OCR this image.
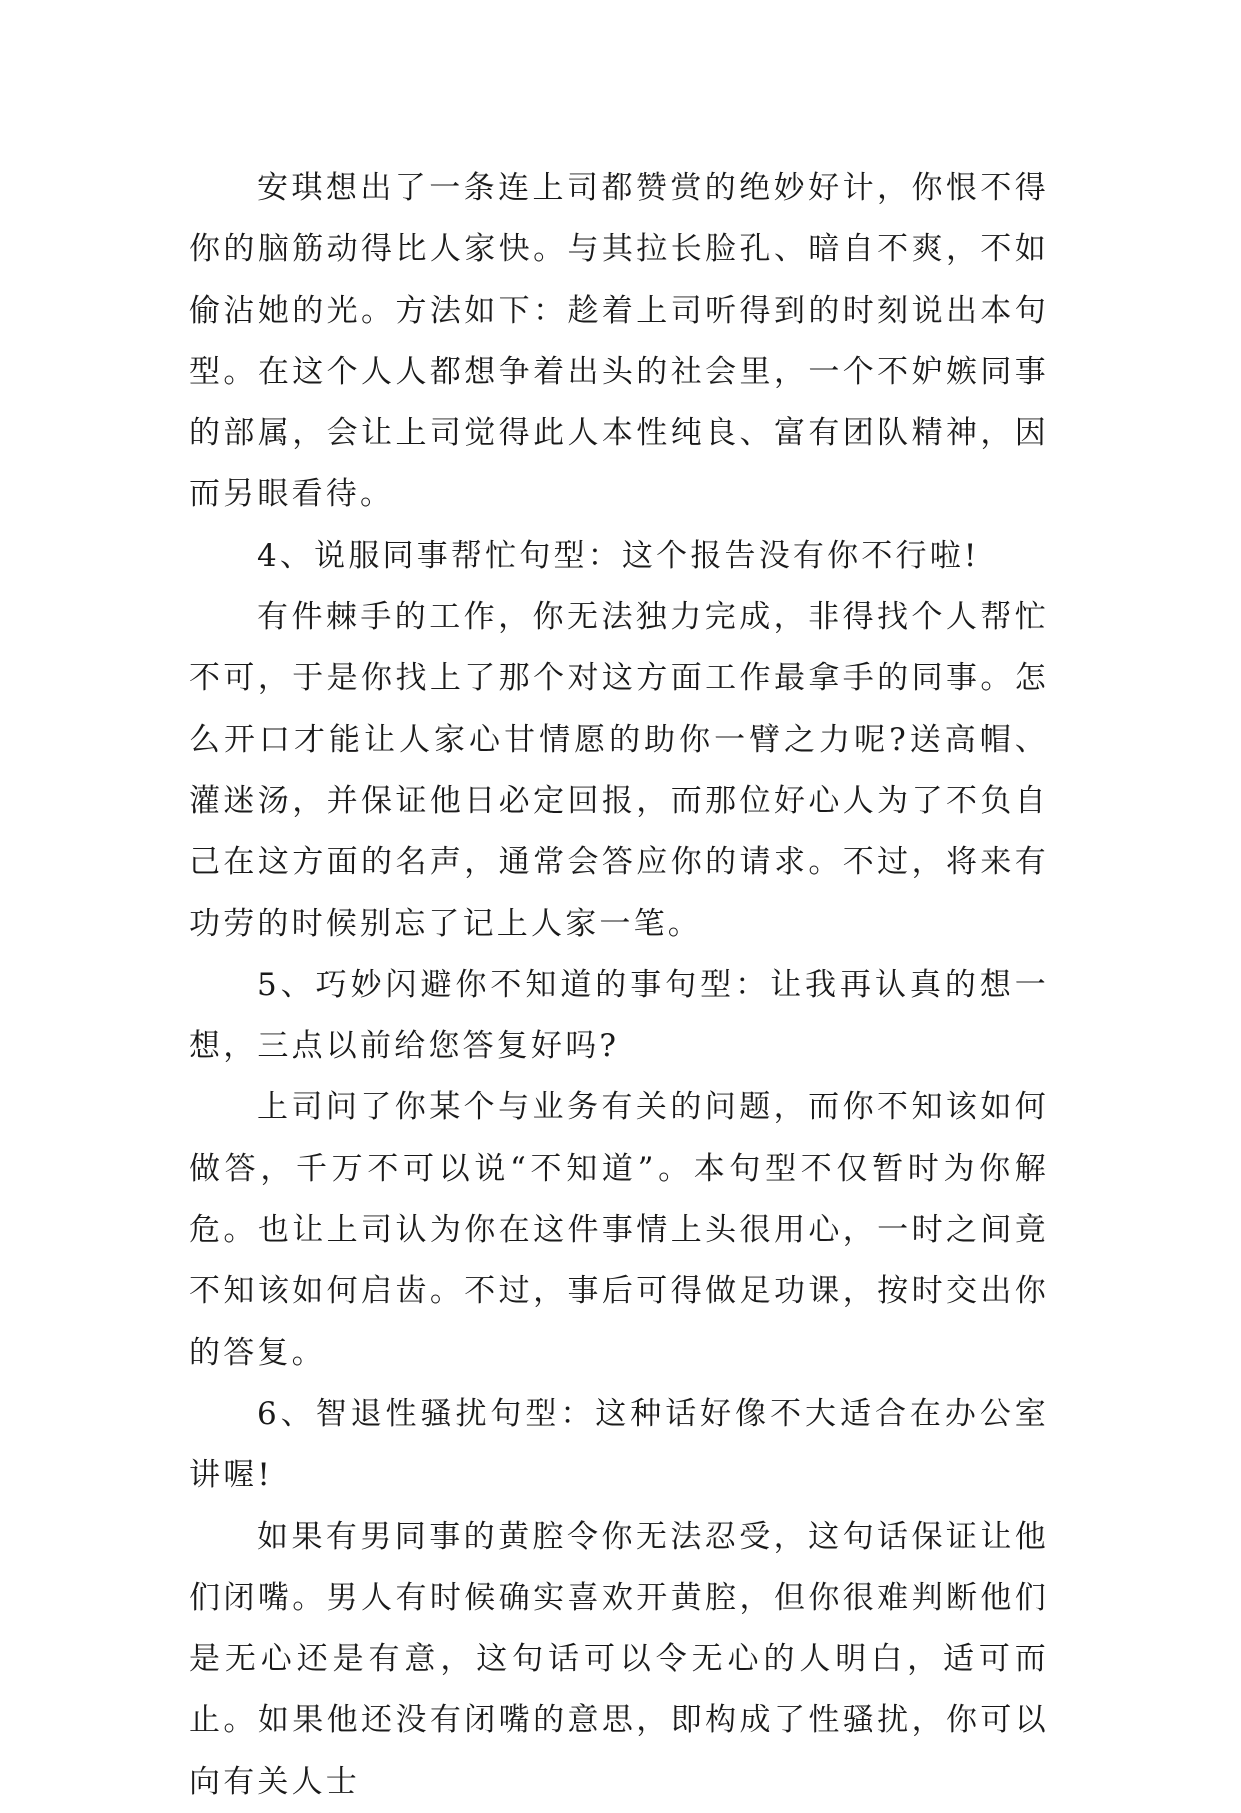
安琪想出了一条连上司都赞赏的绝妙好计，你恨不得你的脑筋动得比人家快。与其拉长脸孔、暗自不爽，不如偷沾她的光。方法如下：趁着上司听得到的时刻说出本句型。在这个人人都想争着出头的社会里，一个不妒嫉同事的部属，会让上司觉得此人本性纯良、富有团队精神，因而另眼看待。

4、说服同事帮忙句型：这个报告没有你不行啦!

有件棘手的工作，你无法独力完成，非得找个人帮忙不可，于是你找上了那个对这方面工作最拿手的同事。怎么开口才能让人家心甘情愿的助你一臂之力呢?送高帽、灌迷汤，并保证他日必定回报，而那位好心人为了不负自己在这方面的名声，通常会答应你的请求。不过，将来有功劳的时候别忘了记上人家一笔。

5、巧妙闪避你不知道的事句型：让我再认真的想一想，三点以前给您答复好吗?

上司问了你某个与业务有关的问题，而你不知该如何做答，千万不可以说“不知道”。本句型不仅暂时为你解危。也让上司认为你在这件事情上头很用心，一时之间竟不知该如何启齿。不过，事后可得做足功课，按时交出你的答复。

6、智退性骚扰句型：这种话好像不大适合在办公室讲喔!

如果有男同事的黄腔令你无法忍受，这句话保证让他们闭嘴。男人有时候确实喜欢开黄腔，但你很难判断他们是无心还是有意，这句话可以令无心的人明白，适可而止。如果他还没有闭嘴的意思，即构成了性骚扰，你可以向有关人士
